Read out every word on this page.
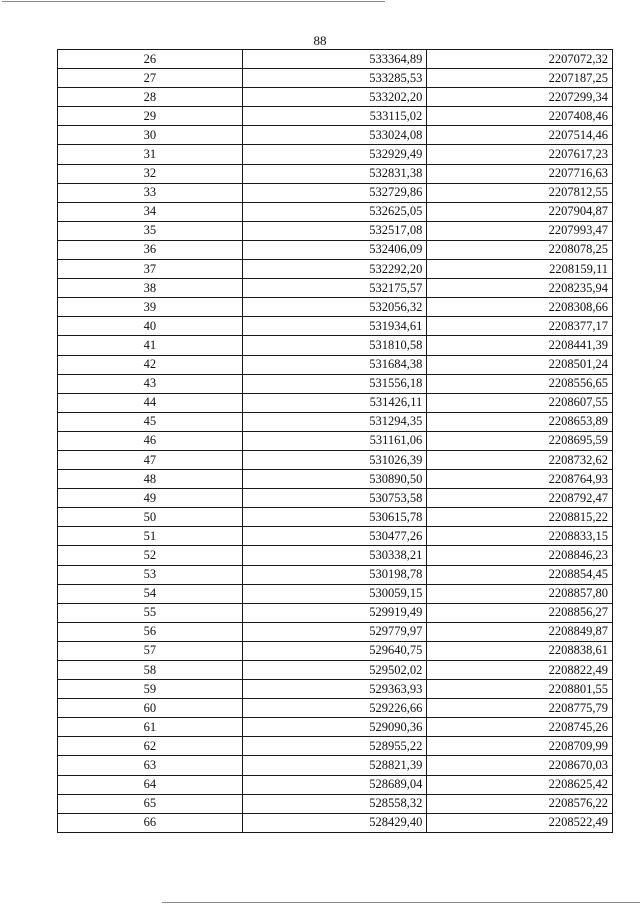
88
26	533364,89	2207072,32
27	533285,53	2207187,25
28	533202,20	2207299,34
29	533115,02	2207408,46
30	533024,08	2207514,46
31	532929,49	2207617,23
32	532831,38	2207716,63
33	532729,86	2207812,55
34	532625,05	2207904,87
35	532517,08	2207993,47
36	532406,09	2208078,25
37	532292,20	2208159,11
38	532175,57	2208235,94
39	532056,32	2208308,66
40	531934,61	2208377,17
41	531810,58	2208441,39
42	531684,38	2208501,24
43	531556,18	2208556,65
44	531426,11	2208607,55
45	531294,35	2208653,89
46	531161,06	2208695,59
47	531026,39	2208732,62
48	530890,50	2208764,93
49	530753,58	2208792,47
50	530615,78	2208815,22
51	530477,26	2208833,15
52	530338,21	2208846,23
53	530198,78	2208854,45
54	530059,15	2208857,80
55	529919,49	2208856,27
56	529779,97	2208849,87
57	529640,75	2208838,61
58	529502,02	2208822,49
59	529363,93	2208801,55
60	529226,66	2208775,79
61	529090,36	2208745,26
62	528955,22	2208709,99
63	528821,39	2208670,03
64	528689,04	2208625,42
65	528558,32	2208576,22
66	528429,40	2208522,49
